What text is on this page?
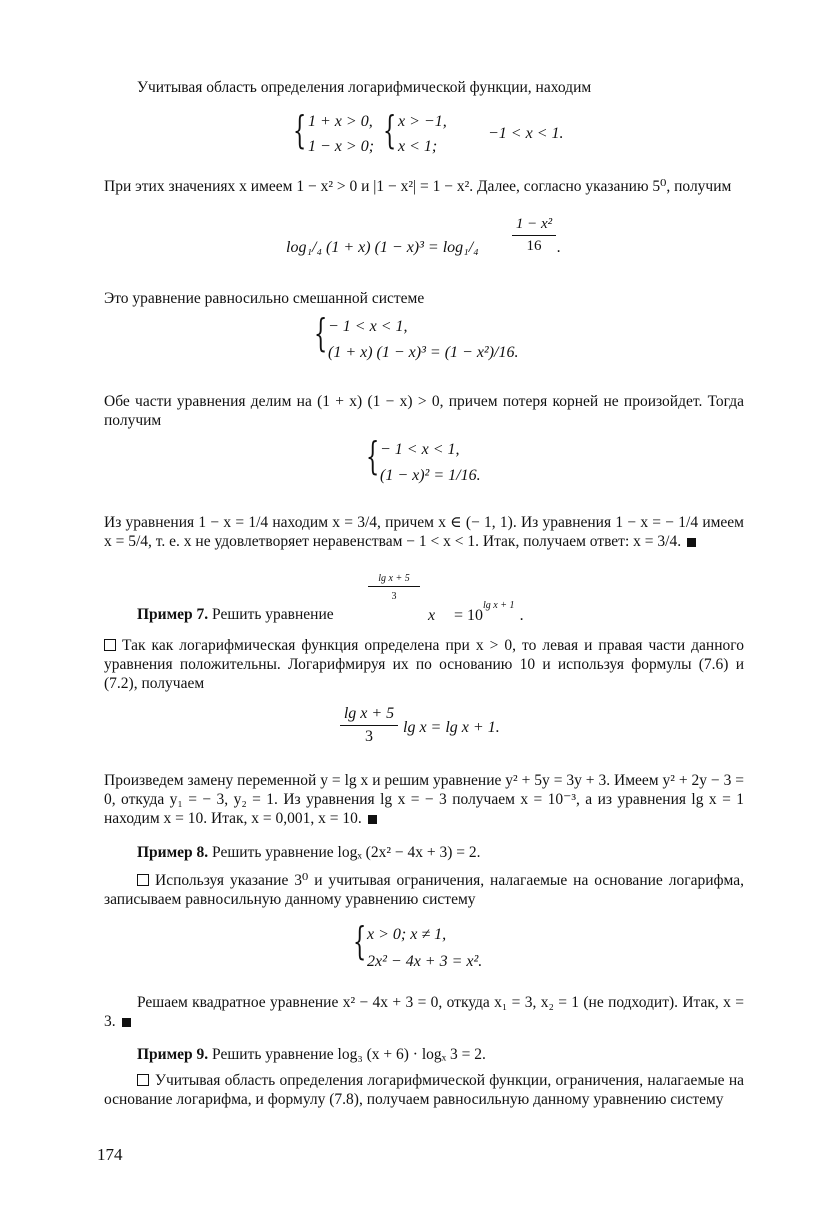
Учитывая область определения логарифмической функции, находим
{ 1 + x > 0,
1 − x > 0; { x > −1,
x < 1;
−1 < x < 1.
При этих значениях x имеем 1 − x² > 0 и |1 − x²| = 1 − x². Далее, согласно указанию 5⁰, получим
log₁/₄ (1 + x) (1 − x)³ = log₁/₄
1 − x²
16 .
Это уравнение равносильно смешанной системе
{ − 1 < x < 1,
(1 + x) (1 − x)³ = (1 − x²)/16.
Обе части уравнения делим на (1 + x) (1 − x) > 0, причем потеря корней не произойдет. Тогда получим
{ − 1 < x < 1,
(1 − x)² = 1/16.
Из уравнения 1 − x = 1/4 находим x = 3/4, причем x ∈ (− 1, 1). Из уравнения 1 − x = − 1/4 имеем x = 5/4, т. е. x не удовлетворяет неравенствам − 1 < x < 1. Итак, получаем ответ: x = 3/4.
Пример 7. Решить уравнение	x
lg x + 5
3
= 10
lg x + 1
.
Так как логарифмическая функция определена при x > 0, то левая и правая части данного уравнения положительны. Логарифмируя их по основанию 10 и используя формулы (7.6) и (7.2), получаем
lg x + 5
3
lg x = lg x + 1.
Произведем замену переменной y = lg x и решим уравнение y² + 5y = 3y + 3. Имеем y² + 2y − 3 = 0, откуда y₁ = − 3, y₂ = 1. Из уравнения lg x = − 3 получаем x = 10⁻³, а из уравнения lg x = 1 находим x = 10. Итак, x = 0,001, x = 10.
Пример 8. Решить уравнение logₓ (2x² − 4x + 3) = 2.
Используя указание 3⁰ и учитывая ограничения, налагаемые на основание логарифма, записываем равносильную данному уравнению систему
{ x > 0; x ≠ 1,
2x² − 4x + 3 = x².
Решаем квадратное уравнение x² − 4x + 3 = 0, откуда x₁ = 3, x₂ = 1 (не подходит). Итак, x = 3.
Пример 9. Решить уравнение log₃ (x + 6) · logₓ 3 = 2.
Учитывая область определения логарифмической функции, ограничения, налагаемые на основание логарифма, и формулу (7.8), получаем равносильную данному уравнению систему
174
